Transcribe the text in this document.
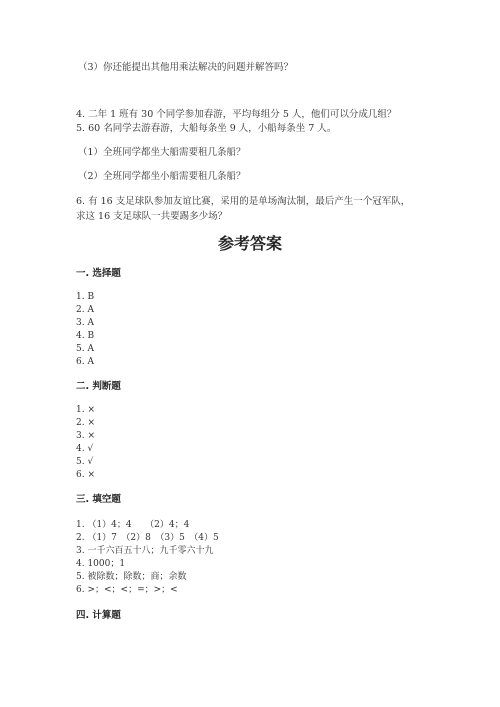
（3）你还能提出其他用乘法解决的问题并解答吗？
4. 二年 1 班有 30 个同学参加春游，平均每组分 5 人，他们可以分成几组？
5. 60 名同学去游春游，大船每条坐 9 人，小船每条坐 7 人。
（1）全班同学都坐大船需要租几条船？
（2）全班同学都坐小船需要租几条船？
6. 有 16 支足球队参加友谊比赛，采用的是单场淘汰制，最后产生一个冠军队，
求这 16 支足球队一共要踢多少场？
参考答案
一. 选择题
1. B
2. A
3. A
4. B
5. A
6. A
二. 判断题
1. ×
2. ×
3. ×
4. √
5. √
6. ×
三. 填空题
1. （1）4；4　　（2）4；4
2. （1）7　（2）8　（3）5　（4）5
3. 一千六百五十八；九千零六十九
4. 1000；1
5. 被除数；除数；商；余数
6. >；<；<；=；>；<
四. 计算题
